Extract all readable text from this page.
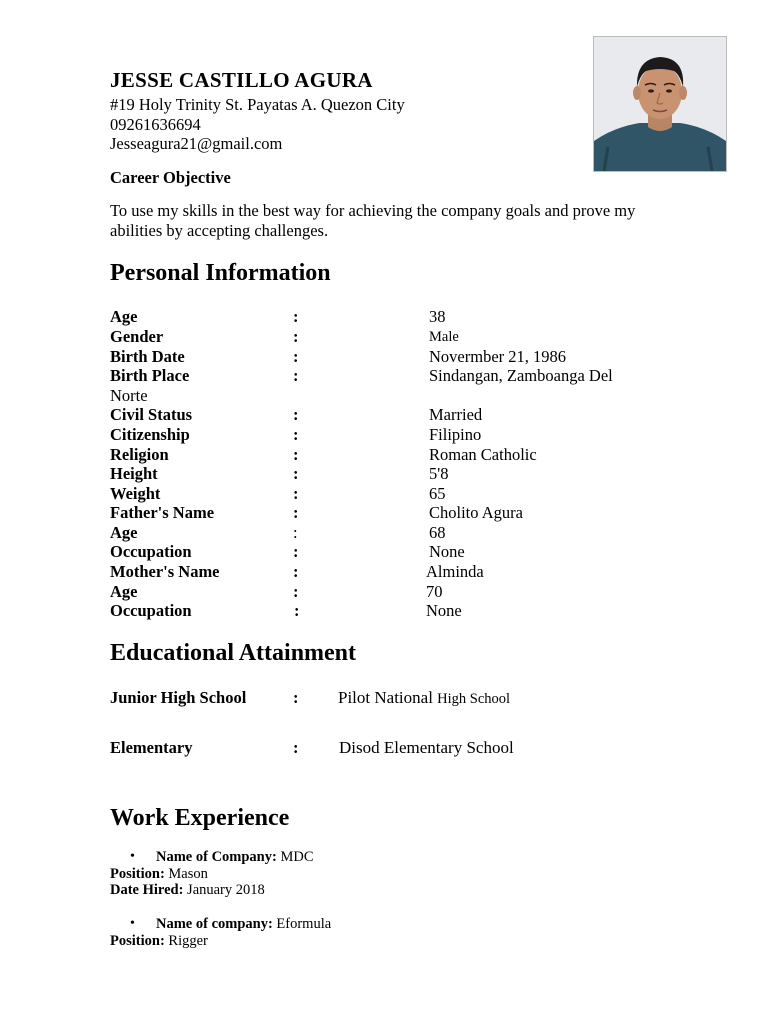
JESSE CASTILLO AGURA
#19 Holy Trinity St. Payatas A. Quezon City
09261636694
Jesseagura21@gmail.com
Career Objective
To use my skills in the best way for achieving the company goals and prove my abilities by accepting challenges.
Personal Information
Age	:	38
Gender	:	Male
Birth Date	:	Novermber 21, 1986
Birth Place	:	Sindangan, Zamboanga Del
Norte
Civil Status	:	Married
Citizenship	:	Filipino
Religion	:	Roman Catholic
Height	:	5'8
Weight	:	65
Father's Name	:	Cholito Agura
Age	:	68
Occupation	:	None
Mother's Name	:	Alminda
Age	:	70
Occupation	:	None
Educational Attainment
Junior High School	: Pilot National High School
Elementary	: Disod Elementary School
Work Experience
• Name of Company: MDC
Position: Mason
Date Hired: January 2018
• Name of company: Eformula
Position: Rigger
